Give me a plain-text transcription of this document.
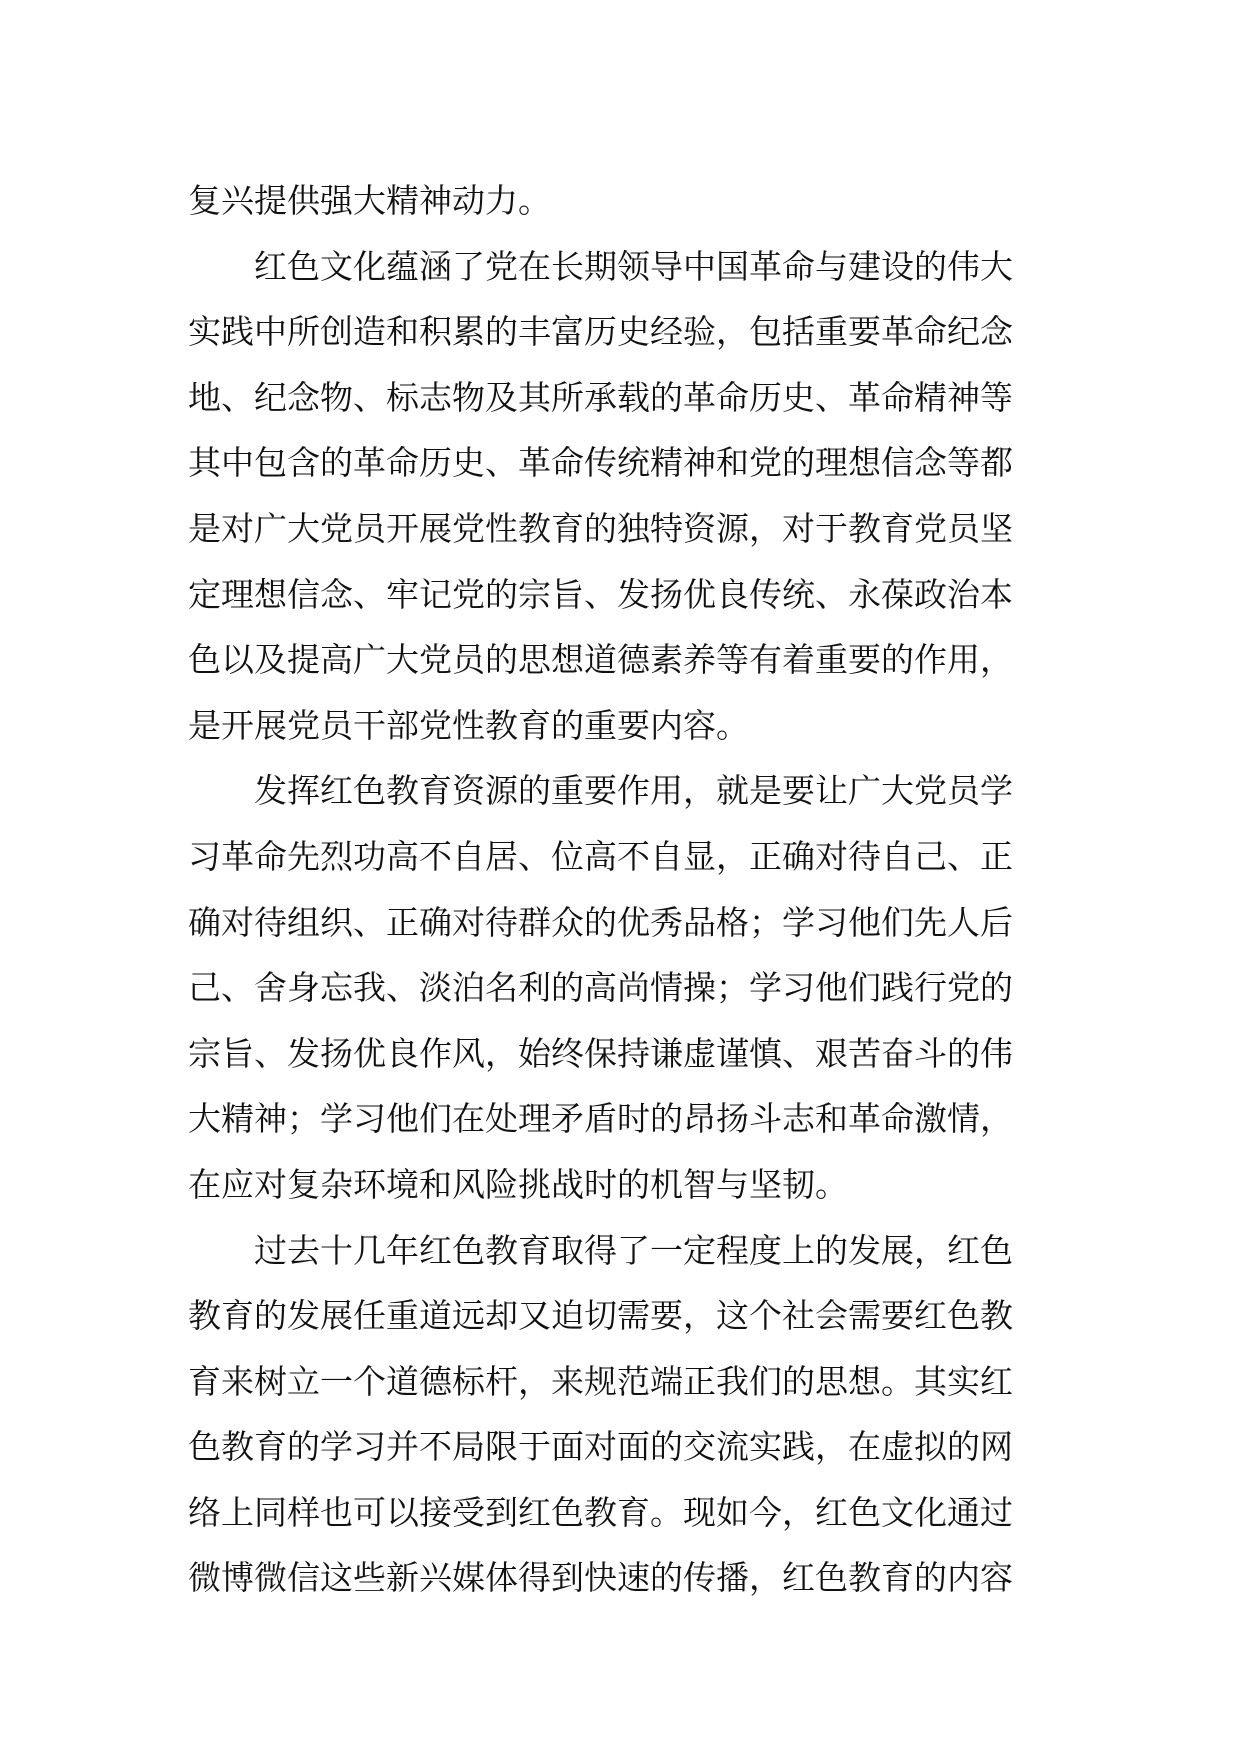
复兴提供强大精神动力。
红色文化蕴涵了党在长期领导中国革命与建设的伟大
实践中所创造和积累的丰富历史经验，包括重要革命纪念
地、纪念物、标志物及其所承载的革命历史、革命精神等
其中包含的革命历史、革命传统精神和党的理想信念等都
是对广大党员开展党性教育的独特资源，对于教育党员坚
定理想信念、牢记党的宗旨、发扬优良传统、永葆政治本
色以及提高广大党员的思想道德素养等有着重要的作用，
是开展党员干部党性教育的重要内容。
发挥红色教育资源的重要作用，就是要让广大党员学
习革命先烈功高不自居、位高不自显，正确对待自己、正
确对待组织、正确对待群众的优秀品格；学习他们先人后
己、舍身忘我、淡泊名利的高尚情操；学习他们践行党的
宗旨、发扬优良作风，始终保持谦虚谨慎、艰苦奋斗的伟
大精神；学习他们在处理矛盾时的昂扬斗志和革命激情，
在应对复杂环境和风险挑战时的机智与坚韧。
过去十几年红色教育取得了一定程度上的发展，红色
教育的发展任重道远却又迫切需要，这个社会需要红色教
育来树立一个道德标杆，来规范端正我们的思想。其实红
色教育的学习并不局限于面对面的交流实践，在虚拟的网
络上同样也可以接受到红色教育。现如今，红色文化通过
微博微信这些新兴媒体得到快速的传播，红色教育的内容
